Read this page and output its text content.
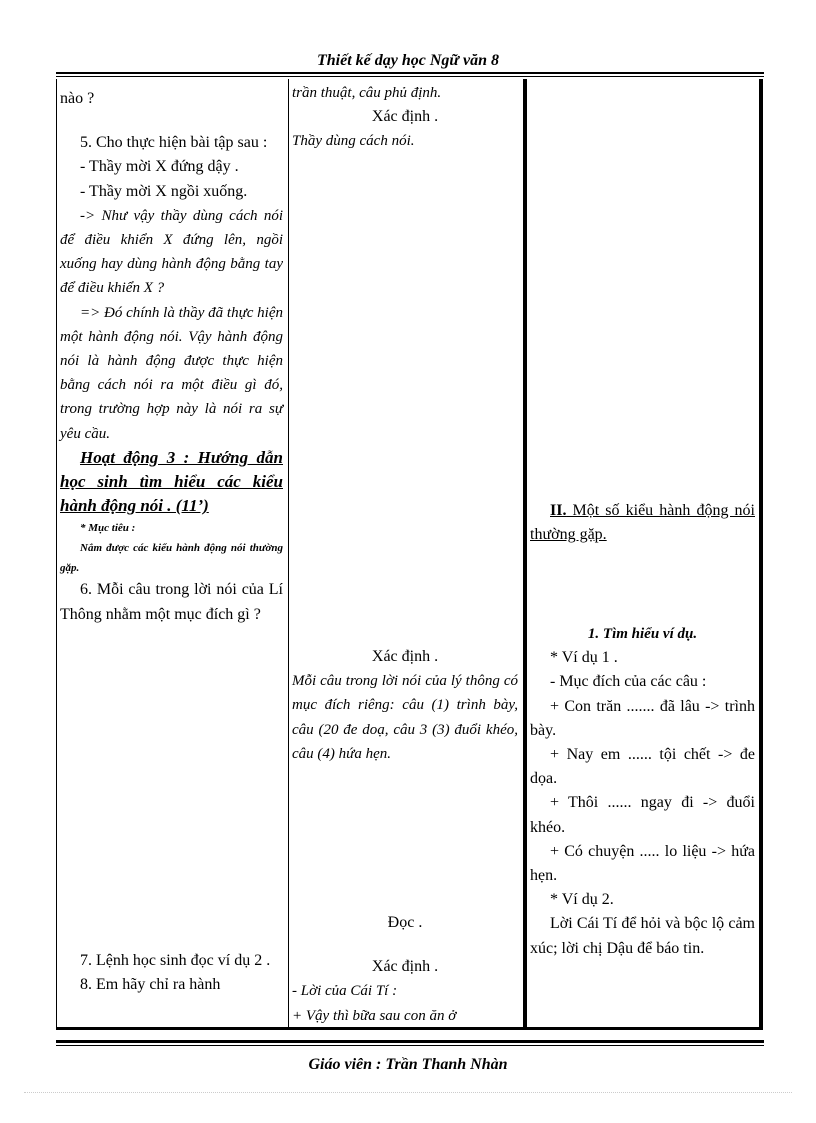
Thiết kế dạy học Ngữ văn 8

nào ?

5. Cho thực hiện bài tập sau :

- Thầy mời X đứng dậy .

- Thầy mời X ngồi xuống.

-> Như vậy thầy dùng cách nói để điều khiển X đứng lên, ngồi xuống hay dùng hành động bằng tay để điều khiển X ?

=> Đó chính là thầy đã thực hiện một hành động nói. Vậy hành động nói là hành động được thực hiện bằng cách nói ra một điều gì đó, trong trường hợp này là nói ra sự yêu cầu.

Hoạt động 3 : Hướng dẫn học sinh tìm hiểu các kiểu hành động nói . (11’)

* Mục tiêu :

Nắm được các kiểu hành động nói thường gặp.

6. Mỗi câu trong lời nói của Lí Thông nhằm một mục đích gì ?

7. Lệnh học sinh đọc ví dụ 2 .

8. Em hãy chỉ ra hành

trần thuật, câu phủ định.

Xác định .

Thầy dùng cách nói.

Xác định .

Mỗi câu trong lời nói của lý thông có mục đích riêng: câu (1) trình bày, câu (20 đe doạ, câu 3 (3) đuổi khéo, câu (4) hứa hẹn.

Đọc .

Xác định .

- Lời của Cái Tí :

+ Vậy thì bữa sau con ăn ở

II. Một số kiểu hành động nói thường gặp.

1. Tìm hiểu ví dụ.

* Ví dụ 1 .

- Mục đích của các câu :

+ Con trăn ....... đã lâu -> trình bày.

+ Nay em ...... tội chết -> đe dọa.

+ Thôi ...... ngay đi -> đuổi khéo.

+ Có chuyện ..... lo liệu -> hứa hẹn.

* Ví dụ 2.

Lời Cái Tí để hỏi và bộc lộ cảm xúc; lời chị Dậu để báo tin.

Giáo viên : Trần Thanh Nhàn
